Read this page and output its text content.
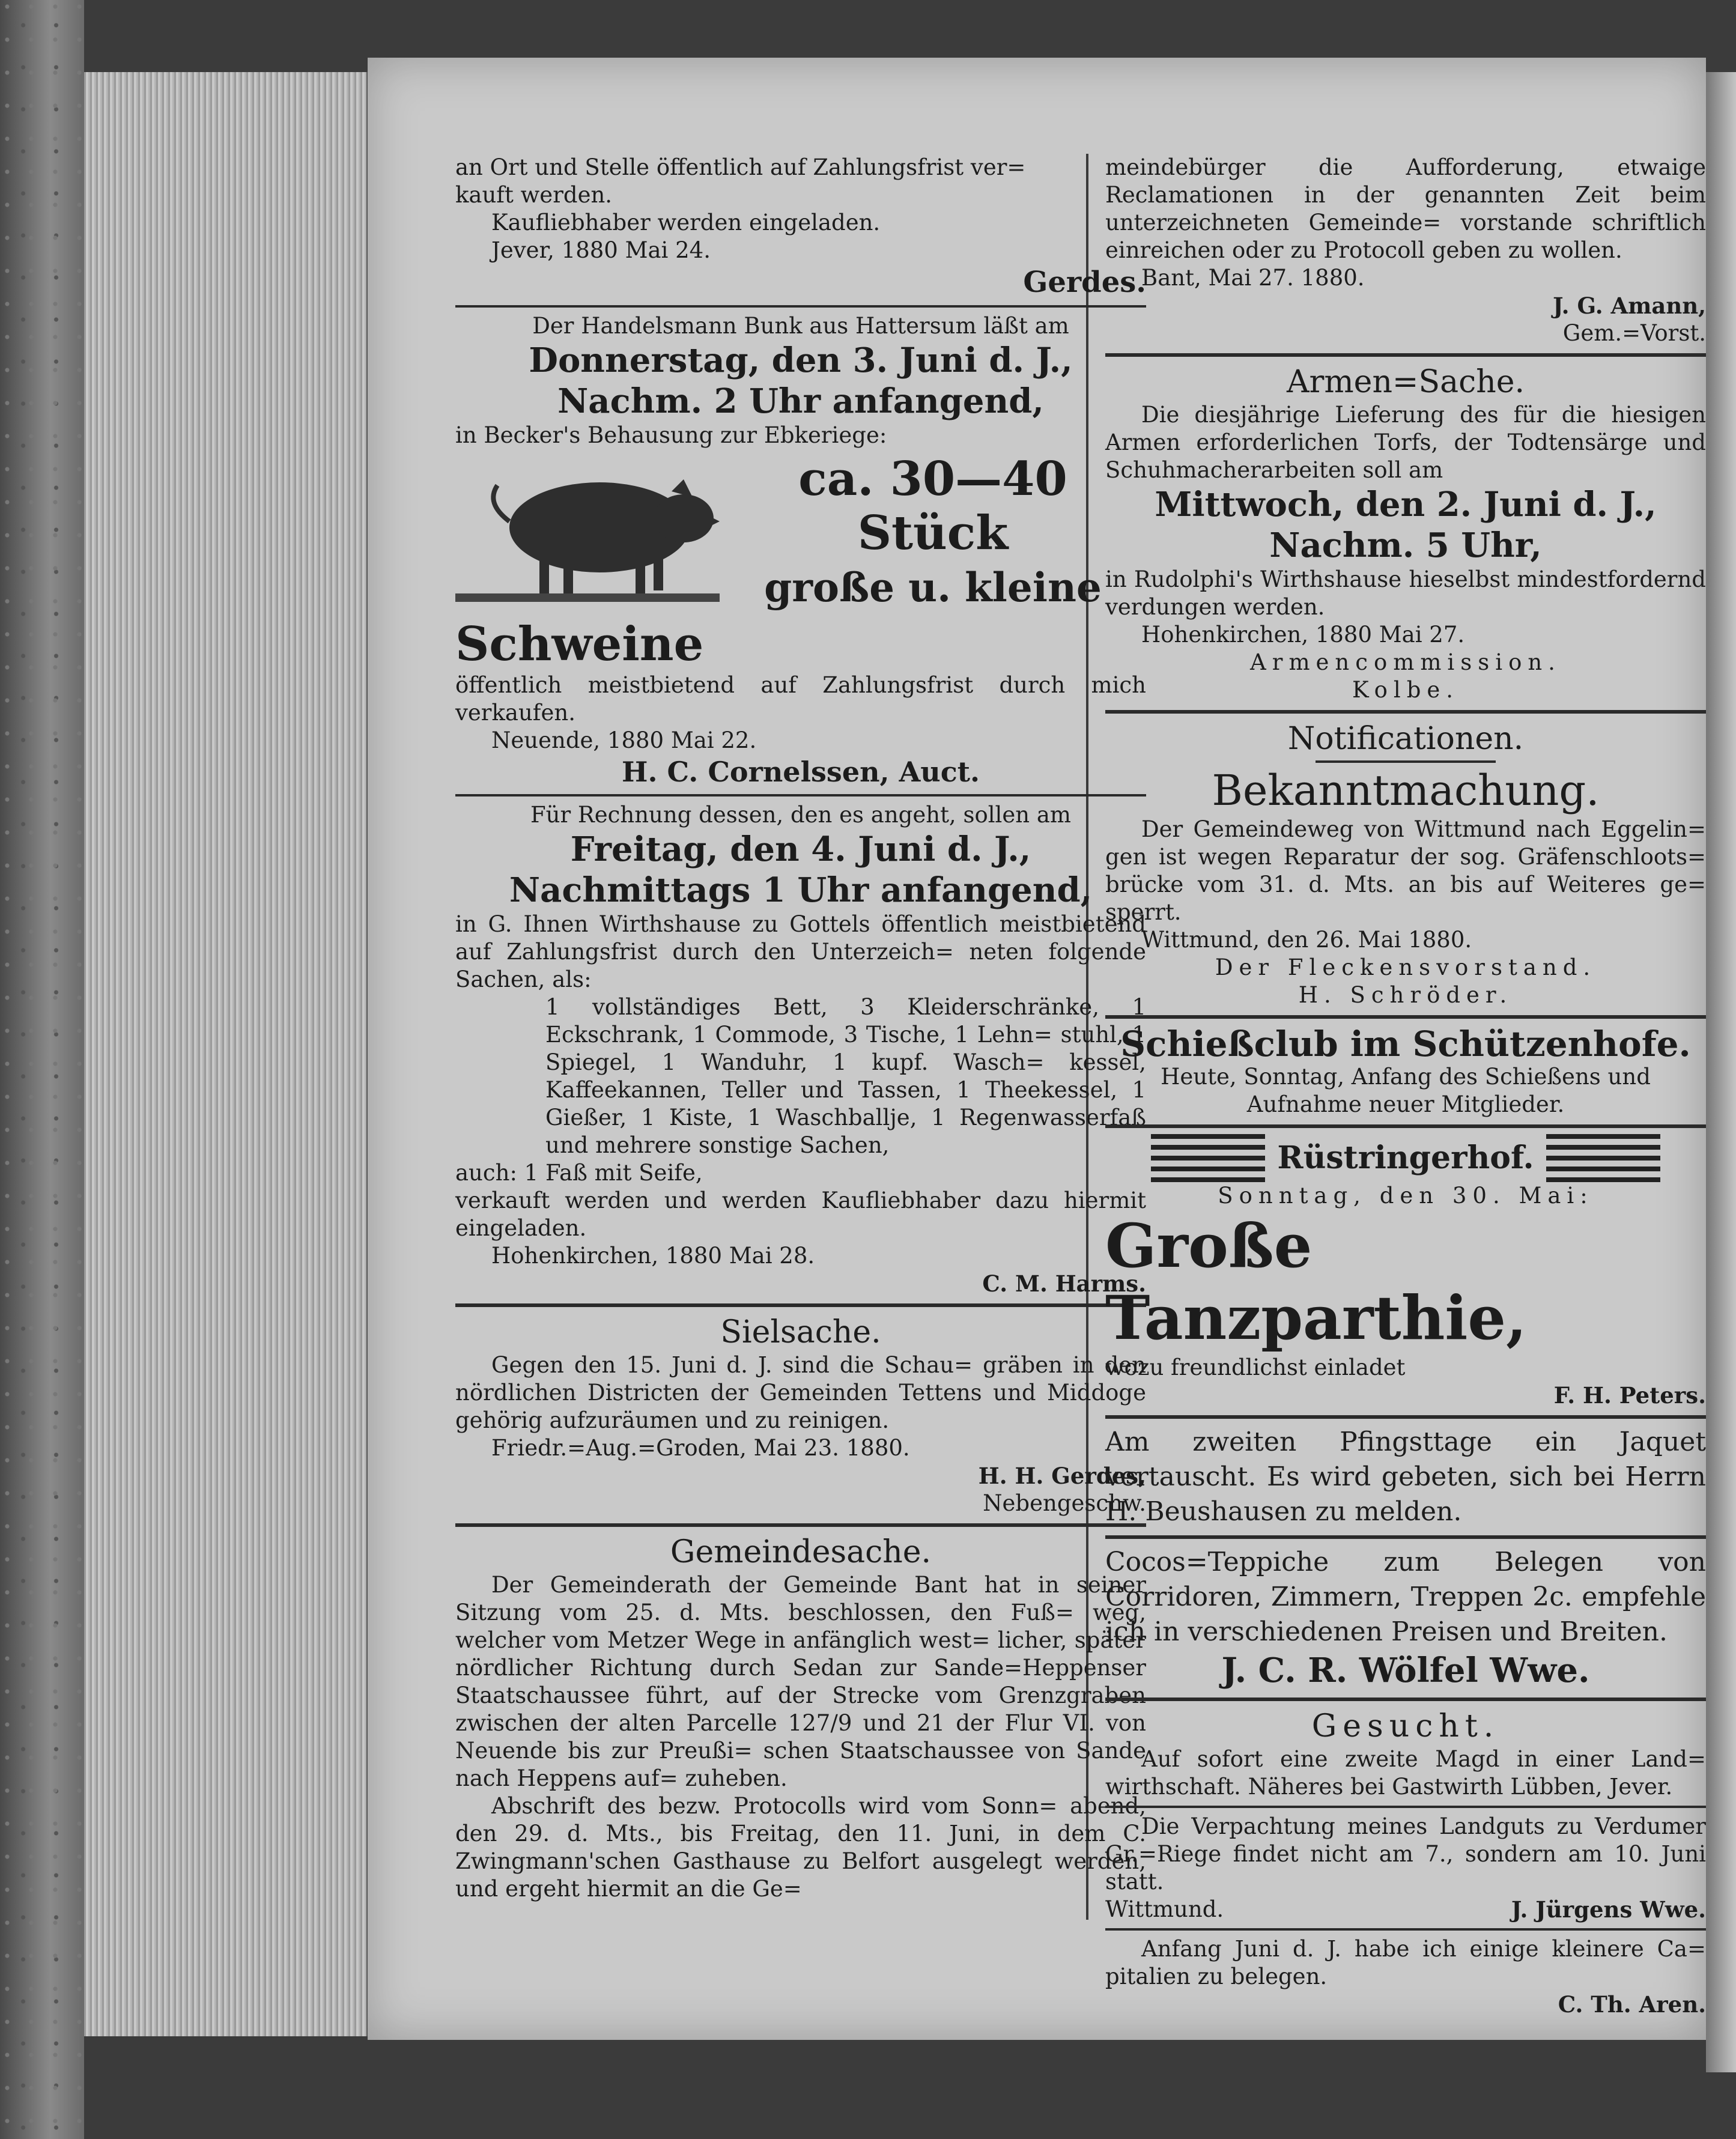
an Ort und Stelle öffentlich auf Zahlungsfrist ver=

kauft werden.

Kaufliebhaber werden eingeladen.

Jever, 1880 Mai 24.

Gerdes.

Der Handelsmann Bunk aus Hattersum läßt am

Donnerstag, den 3. Juni d. J.,

Nachm. 2 Uhr anfangend,

in Becker's Behausung zur Ebkeriege:

ca. 30—40

Stück

große u. kleine

Schweine

öffentlich meistbietend auf Zahlungsfrist durch mich verkaufen.

Neuende, 1880 Mai 22.

H. C. Cornelssen, Auct.

Für Rechnung dessen, den es angeht, sollen am

Freitag, den 4. Juni d. J.,

Nachmittags 1 Uhr anfangend,

in G. Ihnen Wirthshause zu Gottels öffentlich meistbietend auf Zahlungsfrist durch den Unterzeich= neten folgende Sachen, als:

1 vollständiges Bett, 3 Kleiderschränke, 1 Eckschrank, 1 Commode, 3 Tische, 1 Lehn= stuhl, 1 Spiegel, 1 Wanduhr, 1 kupf. Wasch= kessel, Kaffeekannen, Teller und Tassen, 1 Theekessel, 1 Gießer, 1 Kiste, 1 Waschballje, 1 Regenwasserfaß und mehrere sonstige Sachen,

auch: 1 Faß mit Seife,

verkauft werden und werden Kaufliebhaber dazu hiermit eingeladen.

Hohenkirchen, 1880 Mai 28.

C. M. Harms.

Sielsache.

Gegen den 15. Juni d. J. sind die Schau= gräben in den nördlichen Districten der Gemeinden Tettens und Middoge gehörig aufzuräumen und zu reinigen.

Friedr.=Aug.=Groden, Mai 23. 1880.

H. H. Gerdes,

Nebengeschw.

Gemeindesache.

Der Gemeinderath der Gemeinde Bant hat in seiner Sitzung vom 25. d. Mts. beschlossen, den Fuß= weg, welcher vom Metzer Wege in anfänglich west= licher, später nördlicher Richtung durch Sedan zur Sande=Heppenser Staatschaussee führt, auf der Strecke vom Grenzgraben zwischen der alten Parcelle 127/9 und 21 der Flur VI. von Neuende bis zur Preußi= schen Staatschaussee von Sande nach Heppens auf= zuheben.

Abschrift des bezw. Protocolls wird vom Sonn= abend, den 29. d. Mts., bis Freitag, den 11. Juni, in dem C. Zwingmann'schen Gasthause zu Belfort ausgelegt werden, und ergeht hiermit an die Ge=

meindebürger die Aufforderung, etwaige Reclamationen in der genannten Zeit beim unterzeichneten Gemeinde= vorstande schriftlich einreichen oder zu Protocoll geben zu wollen.

Bant, Mai 27. 1880.

J. G. Amann,

Gem.=Vorst.

Armen=Sache.

Die diesjährige Lieferung des für die hiesigen Armen erforderlichen Torfs, der Todtensärge und Schuhmacherarbeiten soll am

Mittwoch, den 2. Juni d. J.,

Nachm. 5 Uhr,

in Rudolphi's Wirthshause hieselbst mindestfordernd verdungen werden.

Hohenkirchen, 1880 Mai 27.

Armencommission.

Kolbe.

Notificationen.

Bekanntmachung.

Der Gemeindeweg von Wittmund nach Eggelin= gen ist wegen Reparatur der sog. Gräfenschloots= brücke vom 31. d. Mts. an bis auf Weiteres ge= sperrt.

Wittmund, den 26. Mai 1880.

Der Fleckensvorstand.

H. Schröder.

Schießclub im Schützenhofe.

Heute, Sonntag, Anfang des Schießens und Aufnahme neuer Mitglieder.

Rüstringerhof.

Sonntag, den 30. Mai:

Große Tanzparthie,

wozu freundlichst einladet

F. H. Peters.

Am zweiten Pfingsttage ein Jaquet vertauscht. Es wird gebeten, sich bei Herrn H. Beushausen zu melden.

Cocos=Teppiche zum Belegen von Corridoren, Zimmern, Treppen 2c. empfehle ich in verschiedenen Preisen und Breiten.

J. C. R. Wölfel Wwe.

Gesucht.

Auf sofort eine zweite Magd in einer Land= wirthschaft. Näheres bei Gastwirth Lübben, Jever.

Die Verpachtung meines Landguts zu Verdumer Gr.=Riege findet nicht am 7., sondern am 10. Juni statt.

Wittmund.	J. Jürgens Wwe.

Anfang Juni d. J. habe ich einige kleinere Ca= pitalien zu belegen.

C. Th. Aren.
